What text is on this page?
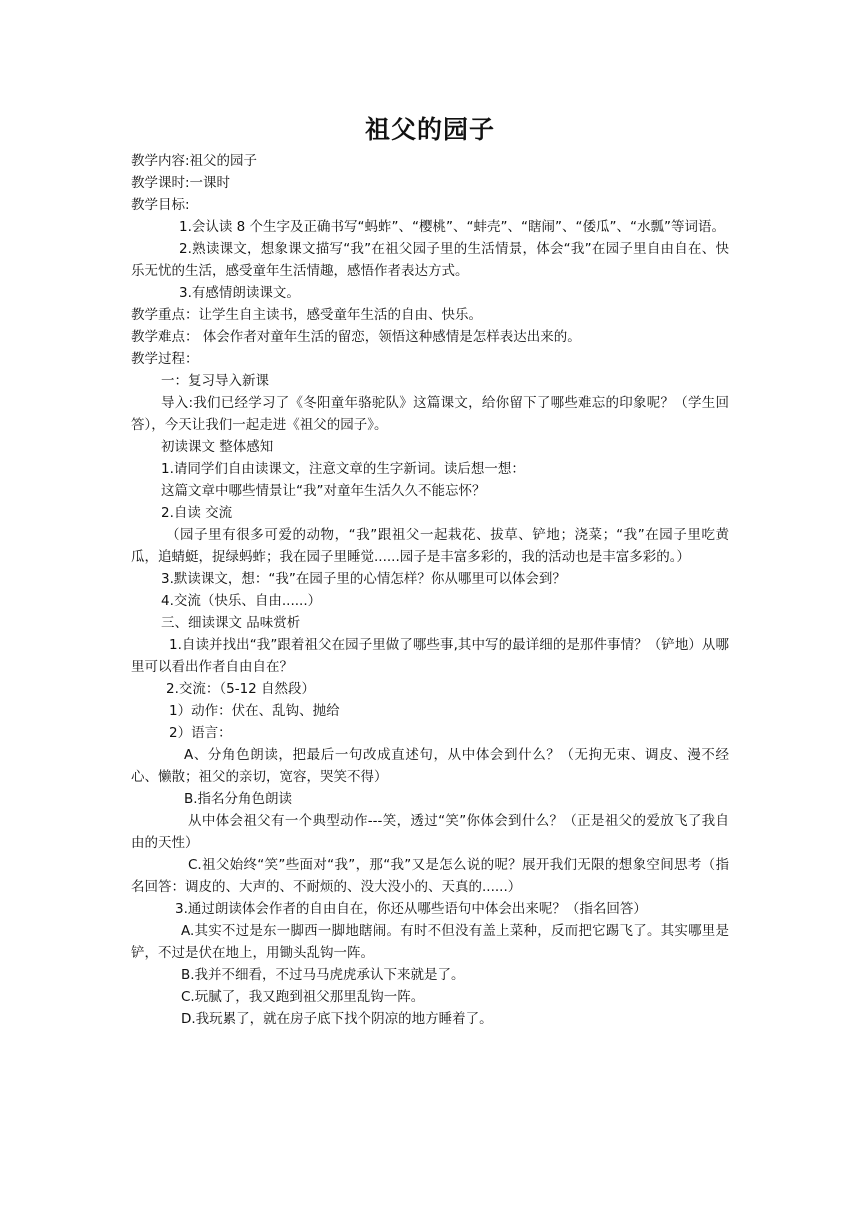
祖父的园子

教学内容:祖父的园子

教学课时:一课时

教学目标:

1.会认读 8 个生字及正确书写“蚂蚱”、“樱桃”、“蚌壳”、“瞎闹”、“倭瓜”、“水瓢”等词语。

2.熟读课文，想象课文描写“我”在祖父园子里的生活情景，体会“我”在园子里自由自在、快乐无忧的生活，感受童年生活情趣，感悟作者表达方式。

3.有感情朗读课文。

教学重点：让学生自主读书，感受童年生活的自由、快乐。

教学难点： 体会作者对童年生活的留恋，领悟这种感情是怎样表达出来的。

教学过程：

一：复习导入新课

导入:我们已经学习了《冬阳童年骆驼队》这篇课文，给你留下了哪些难忘的印象呢？（学生回答），今天让我们一起走进《祖父的园子》。

初读课文 整体感知

1.请同学们自由读课文，注意文章的生字新词。读后想一想：

这篇文章中哪些情景让“我”对童年生活久久不能忘怀？

2.自读 交流

（园子里有很多可爱的动物，“我”跟祖父一起栽花、拔草、铲地；浇菜；“我”在园子里吃黄瓜，追蜻蜓，捉绿蚂蚱；我在园子里睡觉......园子是丰富多彩的，我的活动也是丰富多彩的。）

3.默读课文，想：“我”在园子里的心情怎样？你从哪里可以体会到？

4.交流（快乐、自由......）

三、细读课文 品味赏析

1.自读并找出“我”跟着祖父在园子里做了哪些事,其中写的最详细的是那件事情？（铲地）从哪里可以看出作者自由自在？

2.交流：（5-12 自然段）

1）动作：伏在、乱钩、抛给

2）语言：

A、分角色朗读，把最后一句改成直述句，从中体会到什么？（无拘无束、调皮、漫不经心、懒散；祖父的亲切，宽容，哭笑不得）

B.指名分角色朗读

从中体会祖父有一个典型动作---笑，透过“笑”你体会到什么？（正是祖父的爱放飞了我自由的天性）

C.祖父始终“笑”些面对“我”，那“我”又是怎么说的呢？展开我们无限的想象空间思考（指名回答：调皮的、大声的、不耐烦的、没大没小的、天真的......）

3.通过朗读体会作者的自由自在，你还从哪些语句中体会出来呢？（指名回答）

A.其实不过是东一脚西一脚地瞎闹。有时不但没有盖上菜种，反而把它踢飞了。其实哪里是铲，不过是伏在地上，用锄头乱钩一阵。

B.我并不细看，不过马马虎虎承认下来就是了。

C.玩腻了，我又跑到祖父那里乱钩一阵。

D.我玩累了，就在房子底下找个阴凉的地方睡着了。
